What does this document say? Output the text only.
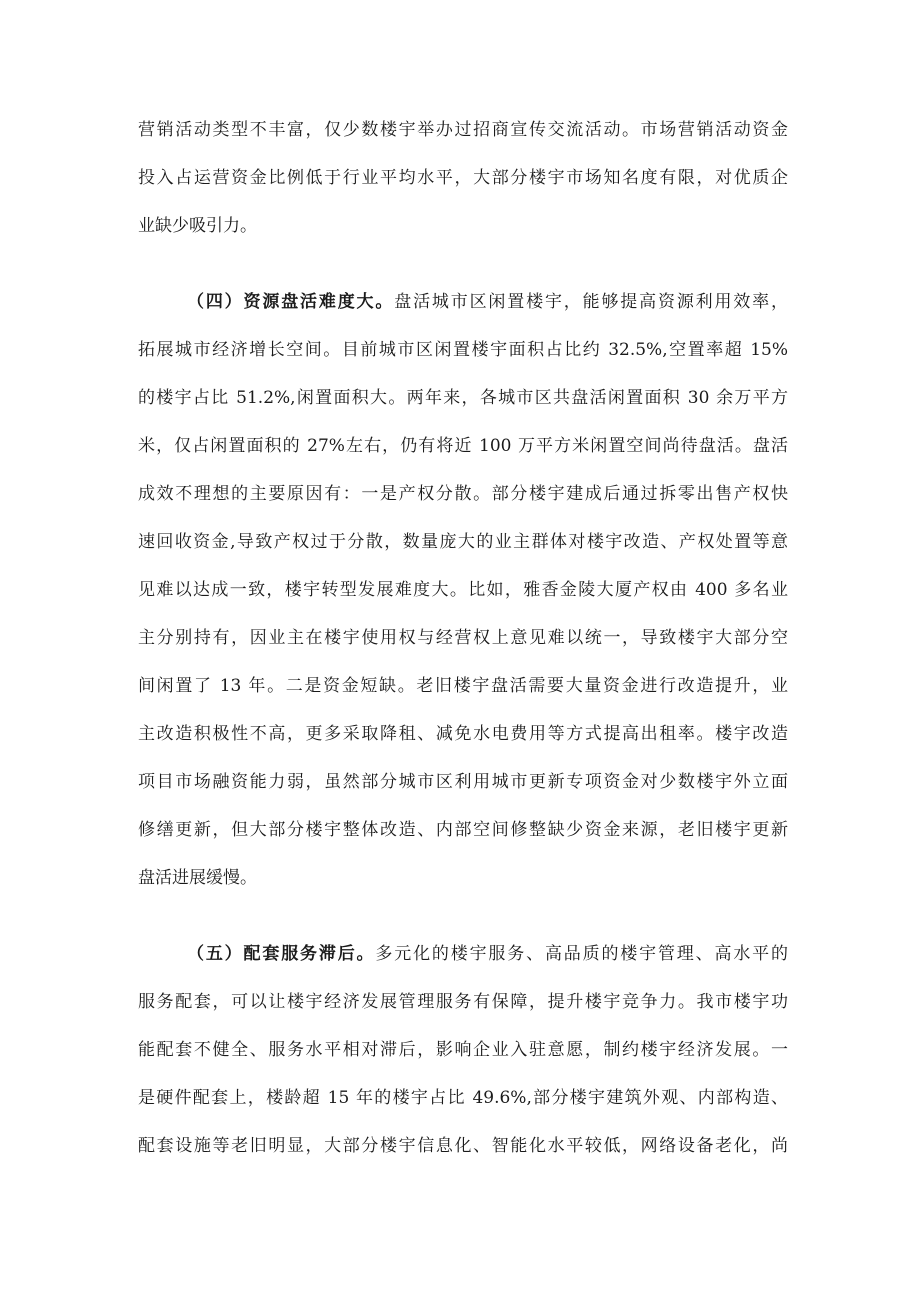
营销活动类型不丰富，仅少数楼宇举办过招商宣传交流活动。市场营销活动资金
投入占运营资金比例低于行业平均水平，大部分楼宇市场知名度有限，对优质企
业缺少吸引力。
（四）资源盘活难度大。盘活城市区闲置楼宇，能够提高资源利用效率，
拓展城市经济增长空间。目前城市区闲置楼宇面积占比约 32.5%,空置率超 15%
的楼宇占比 51.2%,闲置面积大。两年来，各城市区共盘活闲置面积 30 余万平方
米，仅占闲置面积的 27%左右，仍有将近 100 万平方米闲置空间尚待盘活。盘活
成效不理想的主要原因有：一是产权分散。部分楼宇建成后通过拆零出售产权快
速回收资金,导致产权过于分散，数量庞大的业主群体对楼宇改造、产权处置等意
见难以达成一致，楼宇转型发展难度大。比如，雅香金陵大厦产权由 400 多名业
主分别持有，因业主在楼宇使用权与经营权上意见难以统一，导致楼宇大部分空
间闲置了 13 年。二是资金短缺。老旧楼宇盘活需要大量资金进行改造提升，业
主改造积极性不高，更多采取降租、减免水电费用等方式提高出租率。楼宇改造
项目市场融资能力弱，虽然部分城市区利用城市更新专项资金对少数楼宇外立面
修缮更新，但大部分楼宇整体改造、内部空间修整缺少资金来源，老旧楼宇更新
盘活进展缓慢。
（五）配套服务滞后。多元化的楼宇服务、高品质的楼宇管理、高水平的
服务配套，可以让楼宇经济发展管理服务有保障，提升楼宇竞争力。我市楼宇功
能配套不健全、服务水平相对滞后，影响企业入驻意愿，制约楼宇经济发展。一
是硬件配套上，楼龄超 15 年的楼宇占比 49.6%,部分楼宇建筑外观、内部构造、
配套设施等老旧明显，大部分楼宇信息化、智能化水平较低，网络设备老化，尚
